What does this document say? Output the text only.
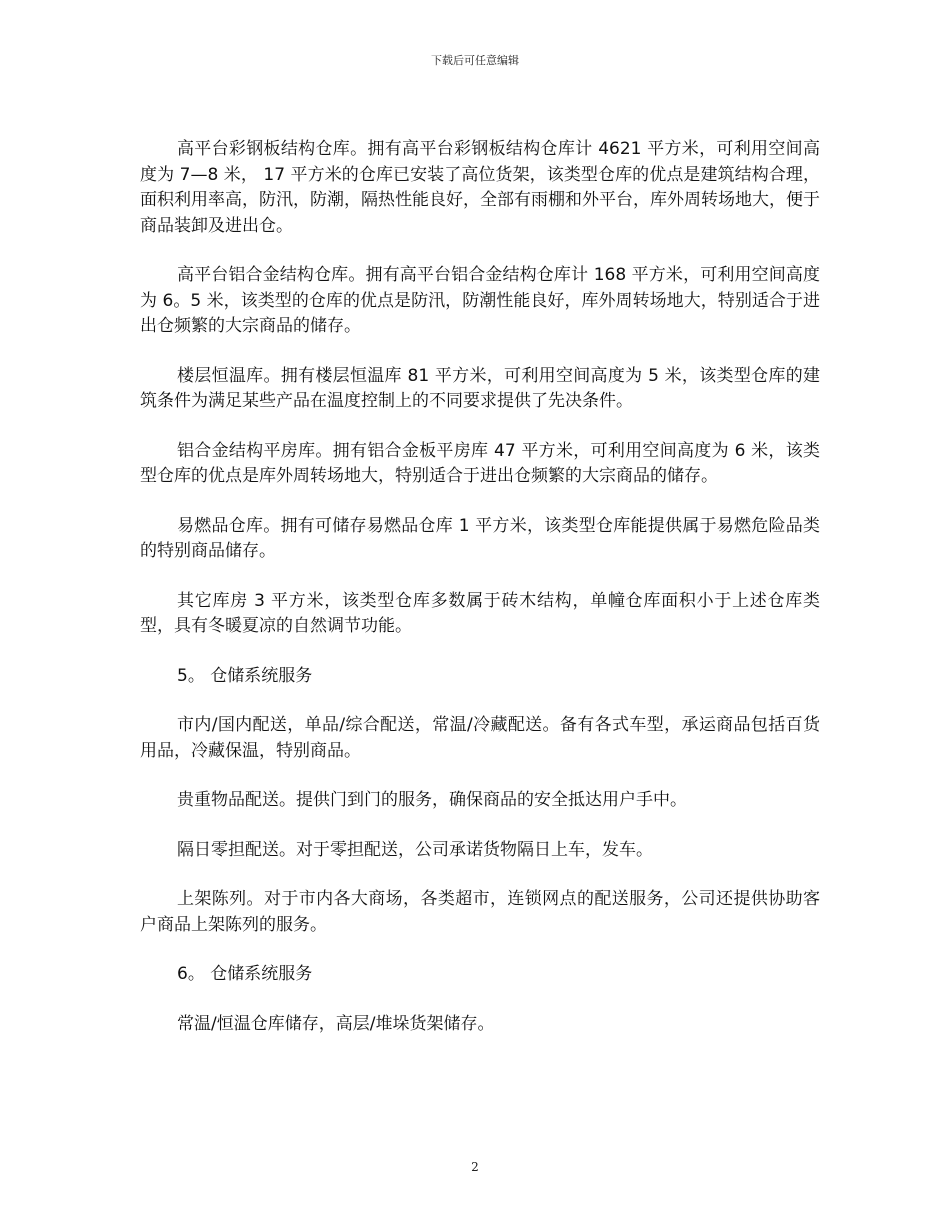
下载后可任意编辑

高平台彩钢板结构仓库。拥有高平台彩钢板结构仓库计 4621 平方米，可利用空间高度为 7—8 米， 17 平方米的仓库已安装了高位货架，该类型仓库的优点是建筑结构合理，面积利用率高，防汛，防潮，隔热性能良好，全部有雨棚和外平台，库外周转场地大，便于商品装卸及进出仓。

高平台铝合金结构仓库。拥有高平台铝合金结构仓库计 168 平方米，可利用空间高度为 6。5 米，该类型的仓库的优点是防汛，防潮性能良好，库外周转场地大，特别适合于进出仓频繁的大宗商品的储存。

楼层恒温库。拥有楼层恒温库 81 平方米，可利用空间高度为 5 米，该类型仓库的建筑条件为满足某些产品在温度控制上的不同要求提供了先决条件。

铝合金结构平房库。拥有铝合金板平房库 47 平方米，可利用空间高度为 6 米，该类型仓库的优点是库外周转场地大，特别适合于进出仓频繁的大宗商品的储存。

易燃品仓库。拥有可储存易燃品仓库 1 平方米，该类型仓库能提供属于易燃危险品类的特别商品储存。

其它库房 3 平方米，该类型仓库多数属于砖木结构，单幢仓库面积小于上述仓库类型，具有冬暖夏凉的自然调节功能。

5。 仓储系统服务

市内/国内配送，单品/综合配送，常温/冷藏配送。备有各式车型，承运商品包括百货用品，冷藏保温，特别商品。

贵重物品配送。提供门到门的服务，确保商品的安全抵达用户手中。

隔日零担配送。对于零担配送，公司承诺货物隔日上车，发车。

上架陈列。对于市内各大商场，各类超市，连锁网点的配送服务，公司还提供协助客户商品上架陈列的服务。

6。 仓储系统服务

常温/恒温仓库储存，高层/堆垛货架储存。

2
